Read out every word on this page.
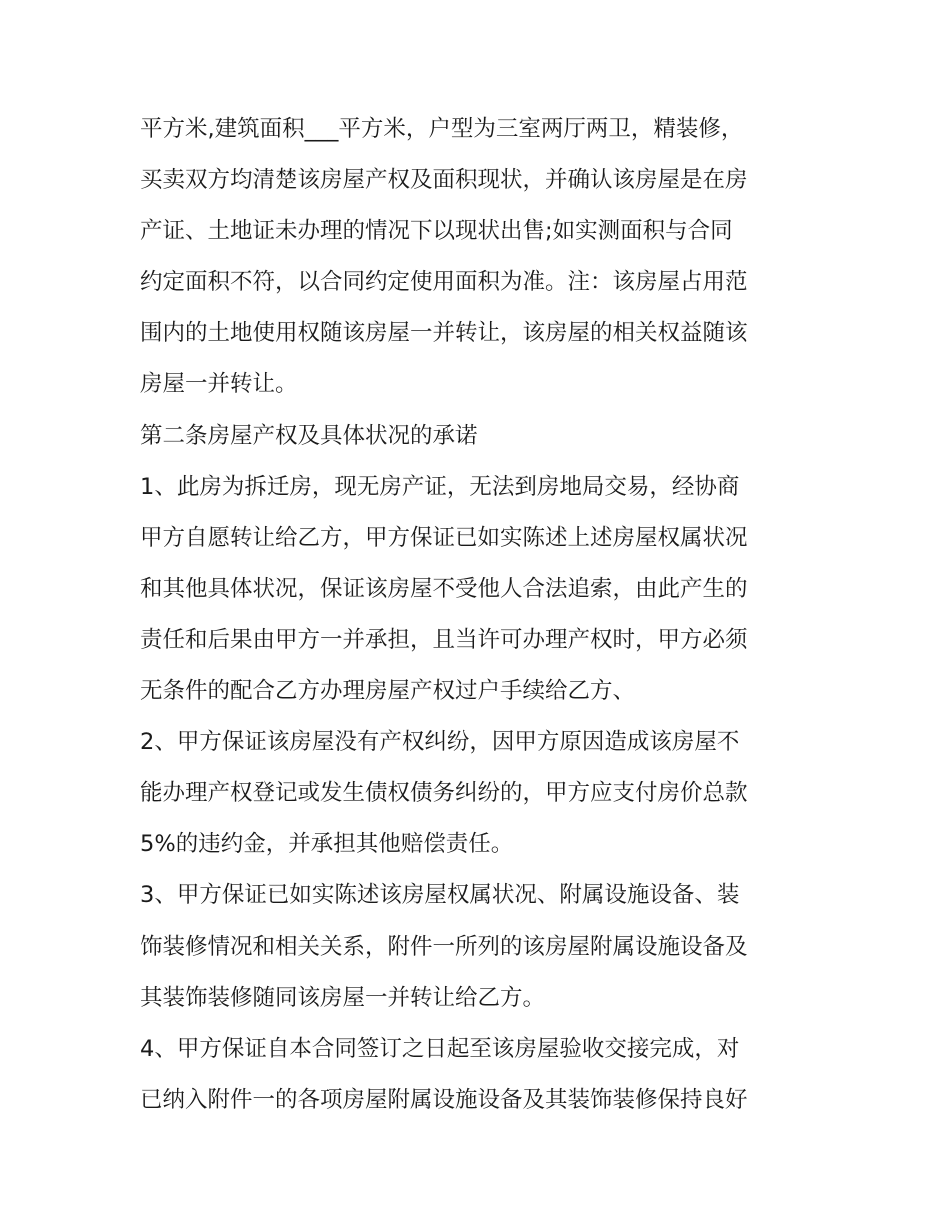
平方米,建筑面积___平方米，户型为三室两厅两卫，精装修，
买卖双方均清楚该房屋产权及面积现状，并确认该房屋是在房
产证、土地证未办理的情况下以现状出售;如实测面积与合同
约定面积不符，以合同约定使用面积为准。注：该房屋占用范
围内的土地使用权随该房屋一并转让，该房屋的相关权益随该
房屋一并转让。
第二条房屋产权及具体状况的承诺
1、此房为拆迁房，现无房产证，无法到房地局交易，经协商
甲方自愿转让给乙方，甲方保证已如实陈述上述房屋权属状况
和其他具体状况，保证该房屋不受他人合法追索，由此产生的
责任和后果由甲方一并承担，且当许可办理产权时，甲方必须
无条件的配合乙方办理房屋产权过户手续给乙方、
2、甲方保证该房屋没有产权纠纷，因甲方原因造成该房屋不
能办理产权登记或发生债权债务纠纷的，甲方应支付房价总款
5%的违约金，并承担其他赔偿责任。
3、甲方保证已如实陈述该房屋权属状况、附属设施设备、装
饰装修情况和相关关系，附件一所列的该房屋附属设施设备及
其装饰装修随同该房屋一并转让给乙方。
4、甲方保证自本合同签订之日起至该房屋验收交接完成，对
已纳入附件一的各项房屋附属设施设备及其装饰装修保持良好
